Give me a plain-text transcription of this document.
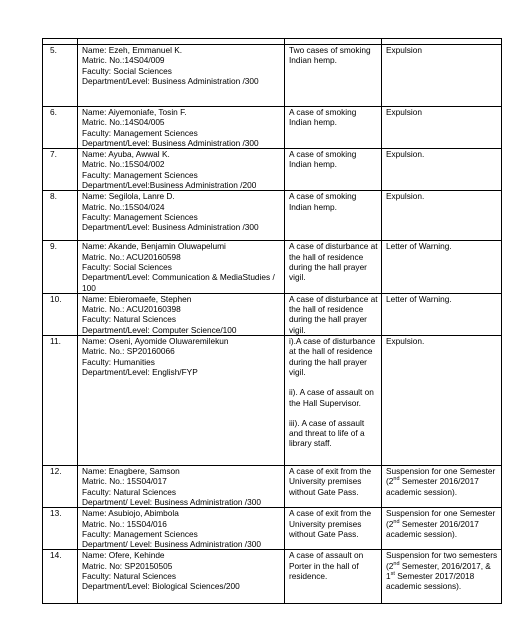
5.	Name: Ezeh, Emmanuel K.
Matric. No.:14S04/009
Faculty: Social Sciences
Department/Level: Business Administration /300	Two cases of smoking Indian hemp.	Expulsion
6.	Name: Aiyemoniafe, Tosin F.
Matric. No.:14S04/005
Faculty: Management Sciences
Department/Level: Business Administration /300	A case of smoking Indian hemp.	Expulsion
7.	Name: Ayuba, Awwal K.
Matric. No.:15S04/002
Faculty: Management Sciences
Department/Level:Business Administration /200	A case of smoking Indian hemp.	Expulsion.
8.	Name: Segilola, Lanre D.
Matric. No.:15S04/024
Faculty: Management Sciences
Department/Level: Business Administration /300	A case of smoking Indian hemp.	Expulsion.
9.	Name: Akande, Benjamin Oluwapelumi
Matric. No.: ACU20160598
Faculty: Social Sciences
Department/Level: Communication & MediaStudies / 100	A case of disturbance at the hall of residence during the hall prayer vigil.	Letter of Warning.
10.	Name: Ebieromaefe, Stephen
Matric. No.: ACU20160398
Faculty: Natural Sciences
Department/Level: Computer Science/100	A case of disturbance at the hall of residence during the hall prayer vigil.	Letter of Warning.
11.	Name: Oseni, Ayomide Oluwaremilekun
Matric. No.: SP20160066
Faculty: Humanities
Department/Level: English/FYP	i).A case of disturbance at the hall of residence during the hall prayer vigil.
ii). A case of assault on the Hall Supervisor.
iii). A case of assault and threat to life of a library staff.	Expulsion.
12.	Name: Enagbere, Samson
Matric. No.: 15S04/017
Faculty: Natural Sciences
Department/ Level: Business Administration /300	A case of exit from the University premises without Gate Pass.	Suspension for one Semester (2nd Semester 2016/2017 academic session).
13.	Name: Asubiojo, Abimbola
Matric. No.: 15S04/016
Faculty: Management Sciences
Department/ Level: Business Administration /300	A case of exit from the University premises without Gate Pass.	Suspension for one Semester (2nd Semester 2016/2017 academic session).
14.	Name: Ofere, Kehinde
Matric. No: SP20150505
Faculty: Natural Sciences
Department/Level: Biological Sciences/200	A case of assault on Porter in the hall of residence.	Suspension for two semesters (2nd Semester, 2016/2017, & 1st Semester 2017/2018 academic sessions).
